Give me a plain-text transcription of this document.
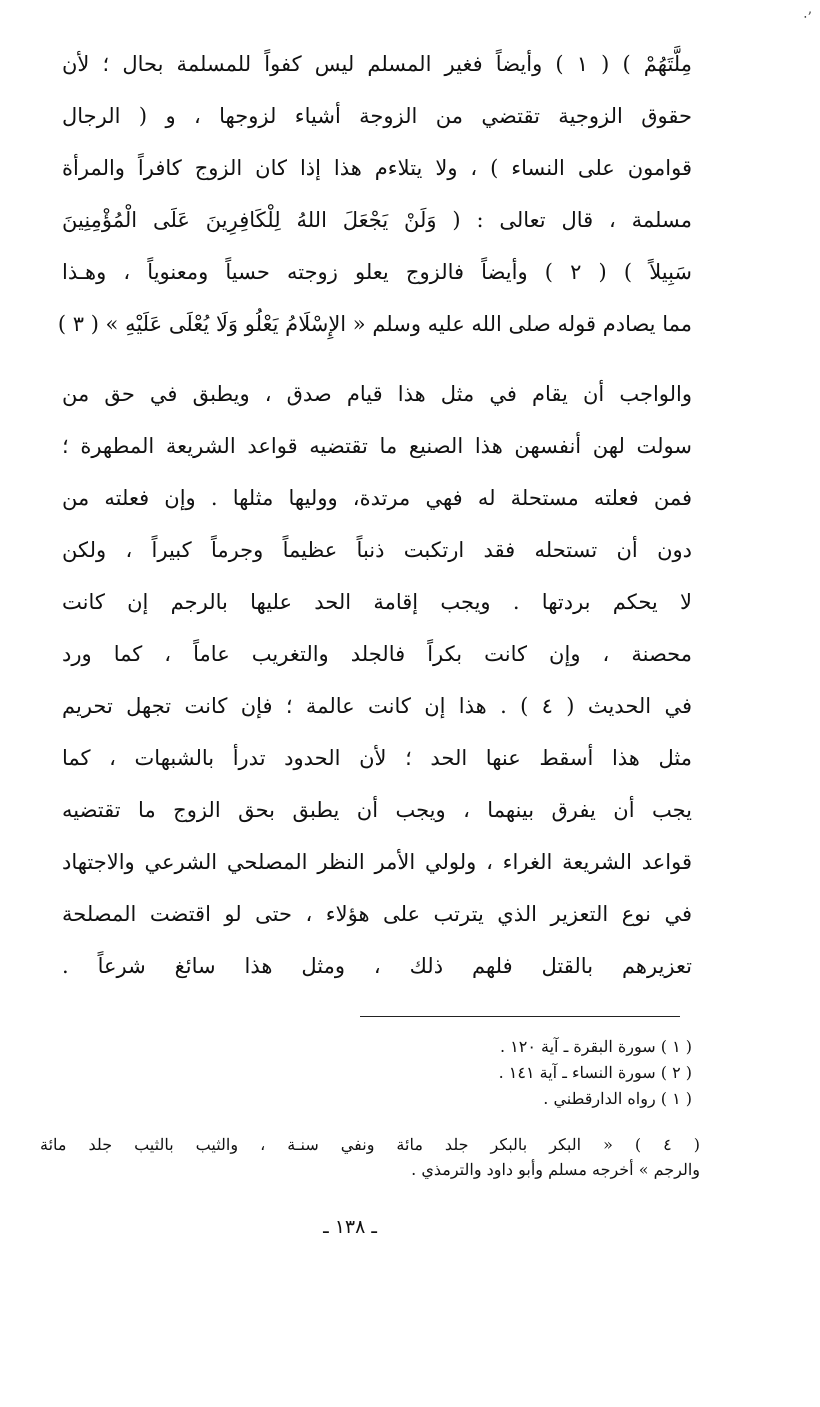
’‧
مِلَّتَهُمْ ) ( ١ ) وأيضاً فغير المسلم ليس كفواً للمسلمة بحال ؛ لأن
حقوق الزوجية تقتضي من الزوجة أشياء لزوجها ، و ( الرجال
قوامون على النساء ) ، ولا يتلاءم هذا إذا كان الزوج كافراً والمرأة
مسلمة ، قال تعالى : ( وَلَنْ يَجْعَلَ اللهُ لِلْكَافِرِينَ عَلَى الْمُؤْمِنِينَ
سَبِيلاً ) ( ٢ ) وأيضاً فالزوج يعلو زوجته حسياً ومعنوياً ، وهـذا
مما يصادم قوله صلى الله عليه وسلم « الإِسْلَامُ يَعْلُو وَلَا يُعْلَى عَلَيْهِ » ( ٣ )
والواجب أن يقام في مثل هذا قيام صدق ، ويطبق في حق من
سولت لهن أنفسهن هذا الصنيع ما تقتضيه قواعد الشريعة المطهرة ؛
فمن فعلته مستحلة له فهي مرتدة، ووليها مثلها . وإن فعلته من
دون أن تستحله فقد ارتكبت ذنباً عظيماً وجرماً كبيراً ، ولكن
لا يحكم بردتها . ويجب إقامة الحد عليها بالرجم إن كانت
محصنة ، وإن كانت بكراً فالجلد والتغريب عاماً ، كما ورد
في الحديث ( ٤ ) . هذا إن كانت عالمة ؛ فإن كانت تجهل تحريم
مثل هذا أسقط عنها الحد ؛ لأن الحدود تدرأ بالشبهات ، كما
يجب أن يفرق بينهما ، ويجب أن يطبق بحق الزوج ما تقتضيه
قواعد الشريعة الغراء ، ولولي الأمر النظر المصلحي الشرعي والاجتهاد
في نوع التعزير الذي يترتب على هؤلاء ، حتى لو اقتضت المصلحة
تعزيرهم بالقتل فلهم ذلك ، ومثل هذا سائغ شرعاً .
( ١ ) سورة البقرة ـ آية ١٢٠ .
( ٢ ) سورة النساء ـ آية ١٤١ .
( ١ ) رواه الدارقطني .
( ٤ ) « البكر بالبكر جلد مائة ونفي سنـة ، والثيب بالثيب جلد مائة
والرجم » أخرجه مسلم وأبو داود والترمذي .
ـ ١٣٨ ـ
